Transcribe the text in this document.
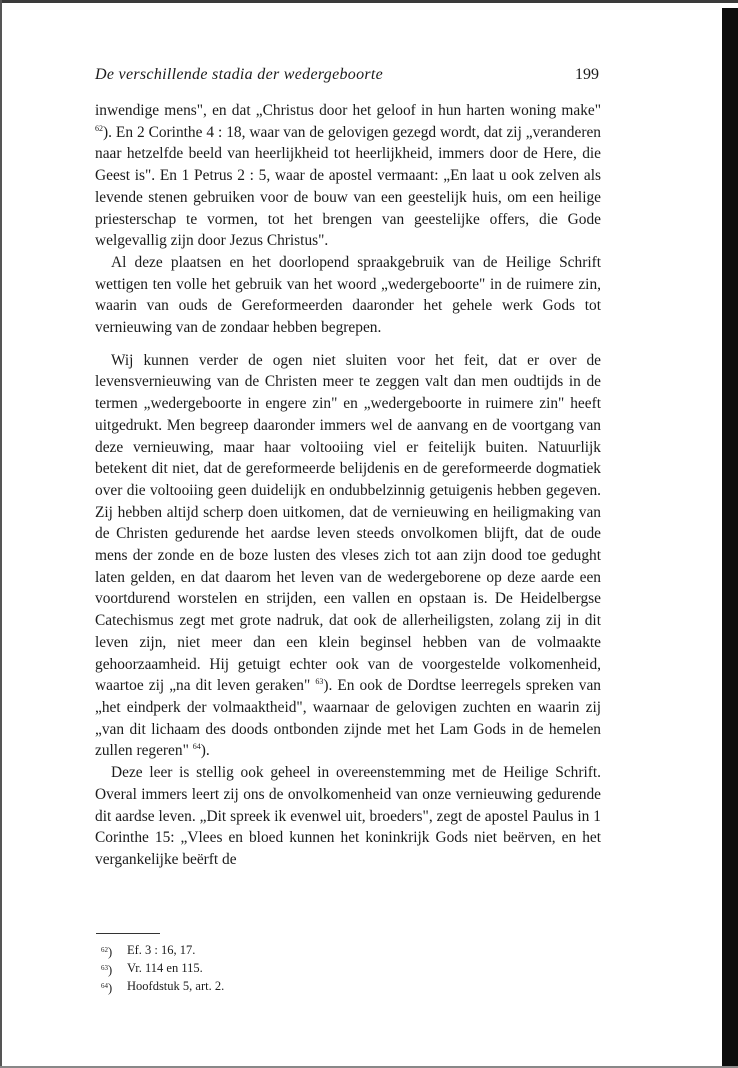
De verschillende stadia der wedergeboorte	199

inwendige mens", en dat „Christus door het geloof in hun harten woning make" $^{62}$). En 2 Corinthe 4 : 18, waar van de gelovigen gezegd wordt, dat zij „veranderen naar hetzelfde beeld van heerlijkheid tot heerlijkheid, immers door de Here, die Geest is". En 1 Petrus 2 : 5, waar de apostel vermaant: „En laat u ook zelven als levende stenen gebruiken voor de bouw van een geestelijk huis, om een heilige priesterschap te vormen, tot het brengen van geestelijke offers, die Gode welgevallig zijn door Jezus Christus".

Al deze plaatsen en het doorlopend spraakgebruik van de Heilige Schrift wettigen ten volle het gebruik van het woord „wedergeboorte" in de ruimere zin, waarin van ouds de Gereformeerden daaronder het gehele werk Gods tot vernieuwing van de zondaar hebben begrepen.

Wij kunnen verder de ogen niet sluiten voor het feit, dat er over de levensvernieuwing van de Christen meer te zeggen valt dan men oudtijds in de termen „wedergeboorte in engere zin" en „wedergeboorte in ruimere zin" heeft uitgedrukt. Men begreep daaronder immers wel de aanvang en de voortgang van deze vernieuwing, maar haar voltooiing viel er feitelijk buiten. Natuurlijk betekent dit niet, dat de gereformeerde belijdenis en de gereformeerde dogmatiek over die voltooiing geen duidelijk en ondubbelzinnig getuigenis hebben gegeven. Zij hebben altijd scherp doen uitkomen, dat de vernieuwing en heiligmaking van de Christen gedurende het aardse leven steeds onvolkomen blijft, dat de oude mens der zonde en de boze lusten des vleses zich tot aan zijn dood toe gedught laten gelden, en dat daarom het leven van de wedergeborene op deze aarde een voortdurend worstelen en strijden, een vallen en opstaan is. De Heidelbergse Catechismus zegt met grote nadruk, dat ook de allerheiligsten, zolang zij in dit leven zijn, niet meer dan een klein beginsel hebben van de volmaakte gehoorzaamheid. Hij getuigt echter ook van de voorgestelde volkomenheid, waartoe zij „na dit leven geraken" $^{63}$). En ook de Dordtse leerregels spreken van „het eindperk der volmaaktheid", waarnaar de gelovigen zuchten en waarin zij „van dit lichaam des doods ontbonden zijnde met het Lam Gods in de hemelen zullen regeren" $^{64}$).

Deze leer is stellig ook geheel in overeenstemming met de Heilige Schrift. Overal immers leert zij ons de onvolkomenheid van onze vernieuwing gedurende dit aardse leven. „Dit spreek ik evenwel uit, broeders", zegt de apostel Paulus in 1 Corinthe 15: „Vlees en bloed kunnen het koninkrijk Gods niet beërven, en het vergankelijke beërft de

$^{62}$)	Ef. 3 : 16, 17.
$^{63}$)	Vr. 114 en 115.
$^{64}$)	Hoofdstuk 5, art. 2.
